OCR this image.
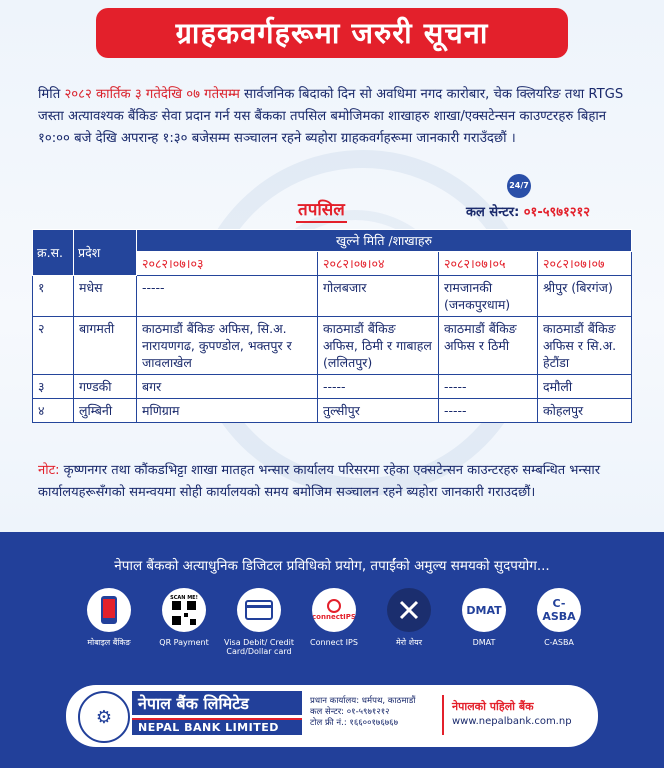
ग्राहकवर्गहरूमा जरुरी सूचना
मिति २०८२ कार्तिक ३ गतेदेखि ०७ गतेसम्म सार्वजनिक बिदाको दिन सो अवधिमा नगद कारोबार, चेक क्लियरिङ तथा RTGS जस्ता अत्यावश्यक बैंकिङ सेवा प्रदान गर्न यस बैंकका तपसिल बमोजिमका शाखाहरु शाखा/एक्सटेन्सन काउण्टरहरु बिहान १०:०० बजे देखि अपरान्ह १:३० बजेसम्म सञ्चालन रहने ब्यहोरा ग्राहकवर्गहरूमा जानकारी गराउँदछौं ।
तपसिल
24/7
कल सेन्टर: ०१-५९७१२१२
क्र.स.	प्रदेश	खुल्ने मिति /शाखाहरु			
		२०८२।०७।०३	२०८२।०७।०४	२०८२।०७।०५	२०८२।०७।०७
१	मधेस	-----	गोलबजार	रामजानकी (जनकपुरधाम)	श्रीपुर (बिरगंज)
२	बागमती	काठमाडौं बैंकिङ अफिस, सि.अ. नारायणगढ, कुपण्डोल, भक्तपुर र जावलाखेल	काठमाडौं बैंकिङ अफिस, ठिमी र गाबाहल (ललितपुर)	काठमाडौं बैंकिङ अफिस र ठिमी	काठमाडौं बैंकिङ अफिस र सि.अ. हेटौंडा
३	गण्डकी	बगर	-----	-----	दमौली
४	लुम्बिनी	मणिग्राम	तुल्सीपुर	-----	कोहलपुर
नोट: कृष्णनगर तथा कौंकडभिट्टा शाखा मातहत भन्सार कार्यालय परिसरमा रहेका एक्सटेन्सन काउन्टरहरु सम्बन्धित भन्सार कार्यालयहरूसँगको समन्वयमा सोही कार्यालयको समय बमोजिम सञ्चालन रहने ब्यहोरा जानकारी गराउदछौं।
नेपाल बैंकको अत्याधुनिक डिजिटल प्रविधिको प्रयोग, तपाईंको अमुल्य समयको सुदपयोग...
मोबाइल बैंकिङ
SCAN ME!
QR Payment	Visa Debit/ Credit Card/Dollar card
connectIPS
Connect IPS	मेरो शेयर
DMAT
DMAT
C-ASBA
C-ASBA
⚙
नेपाल बैंक लिमिटेड
NEPAL BANK LIMITED
प्रधान कार्यालय: धर्मपथ, काठमाडौं
कल सेन्टर: ०१-५९७१२१२
टोल फ्री नं.: १६६००१७६७६७
नेपालको पहिलो बैंक
www.nepalbank.com.np
